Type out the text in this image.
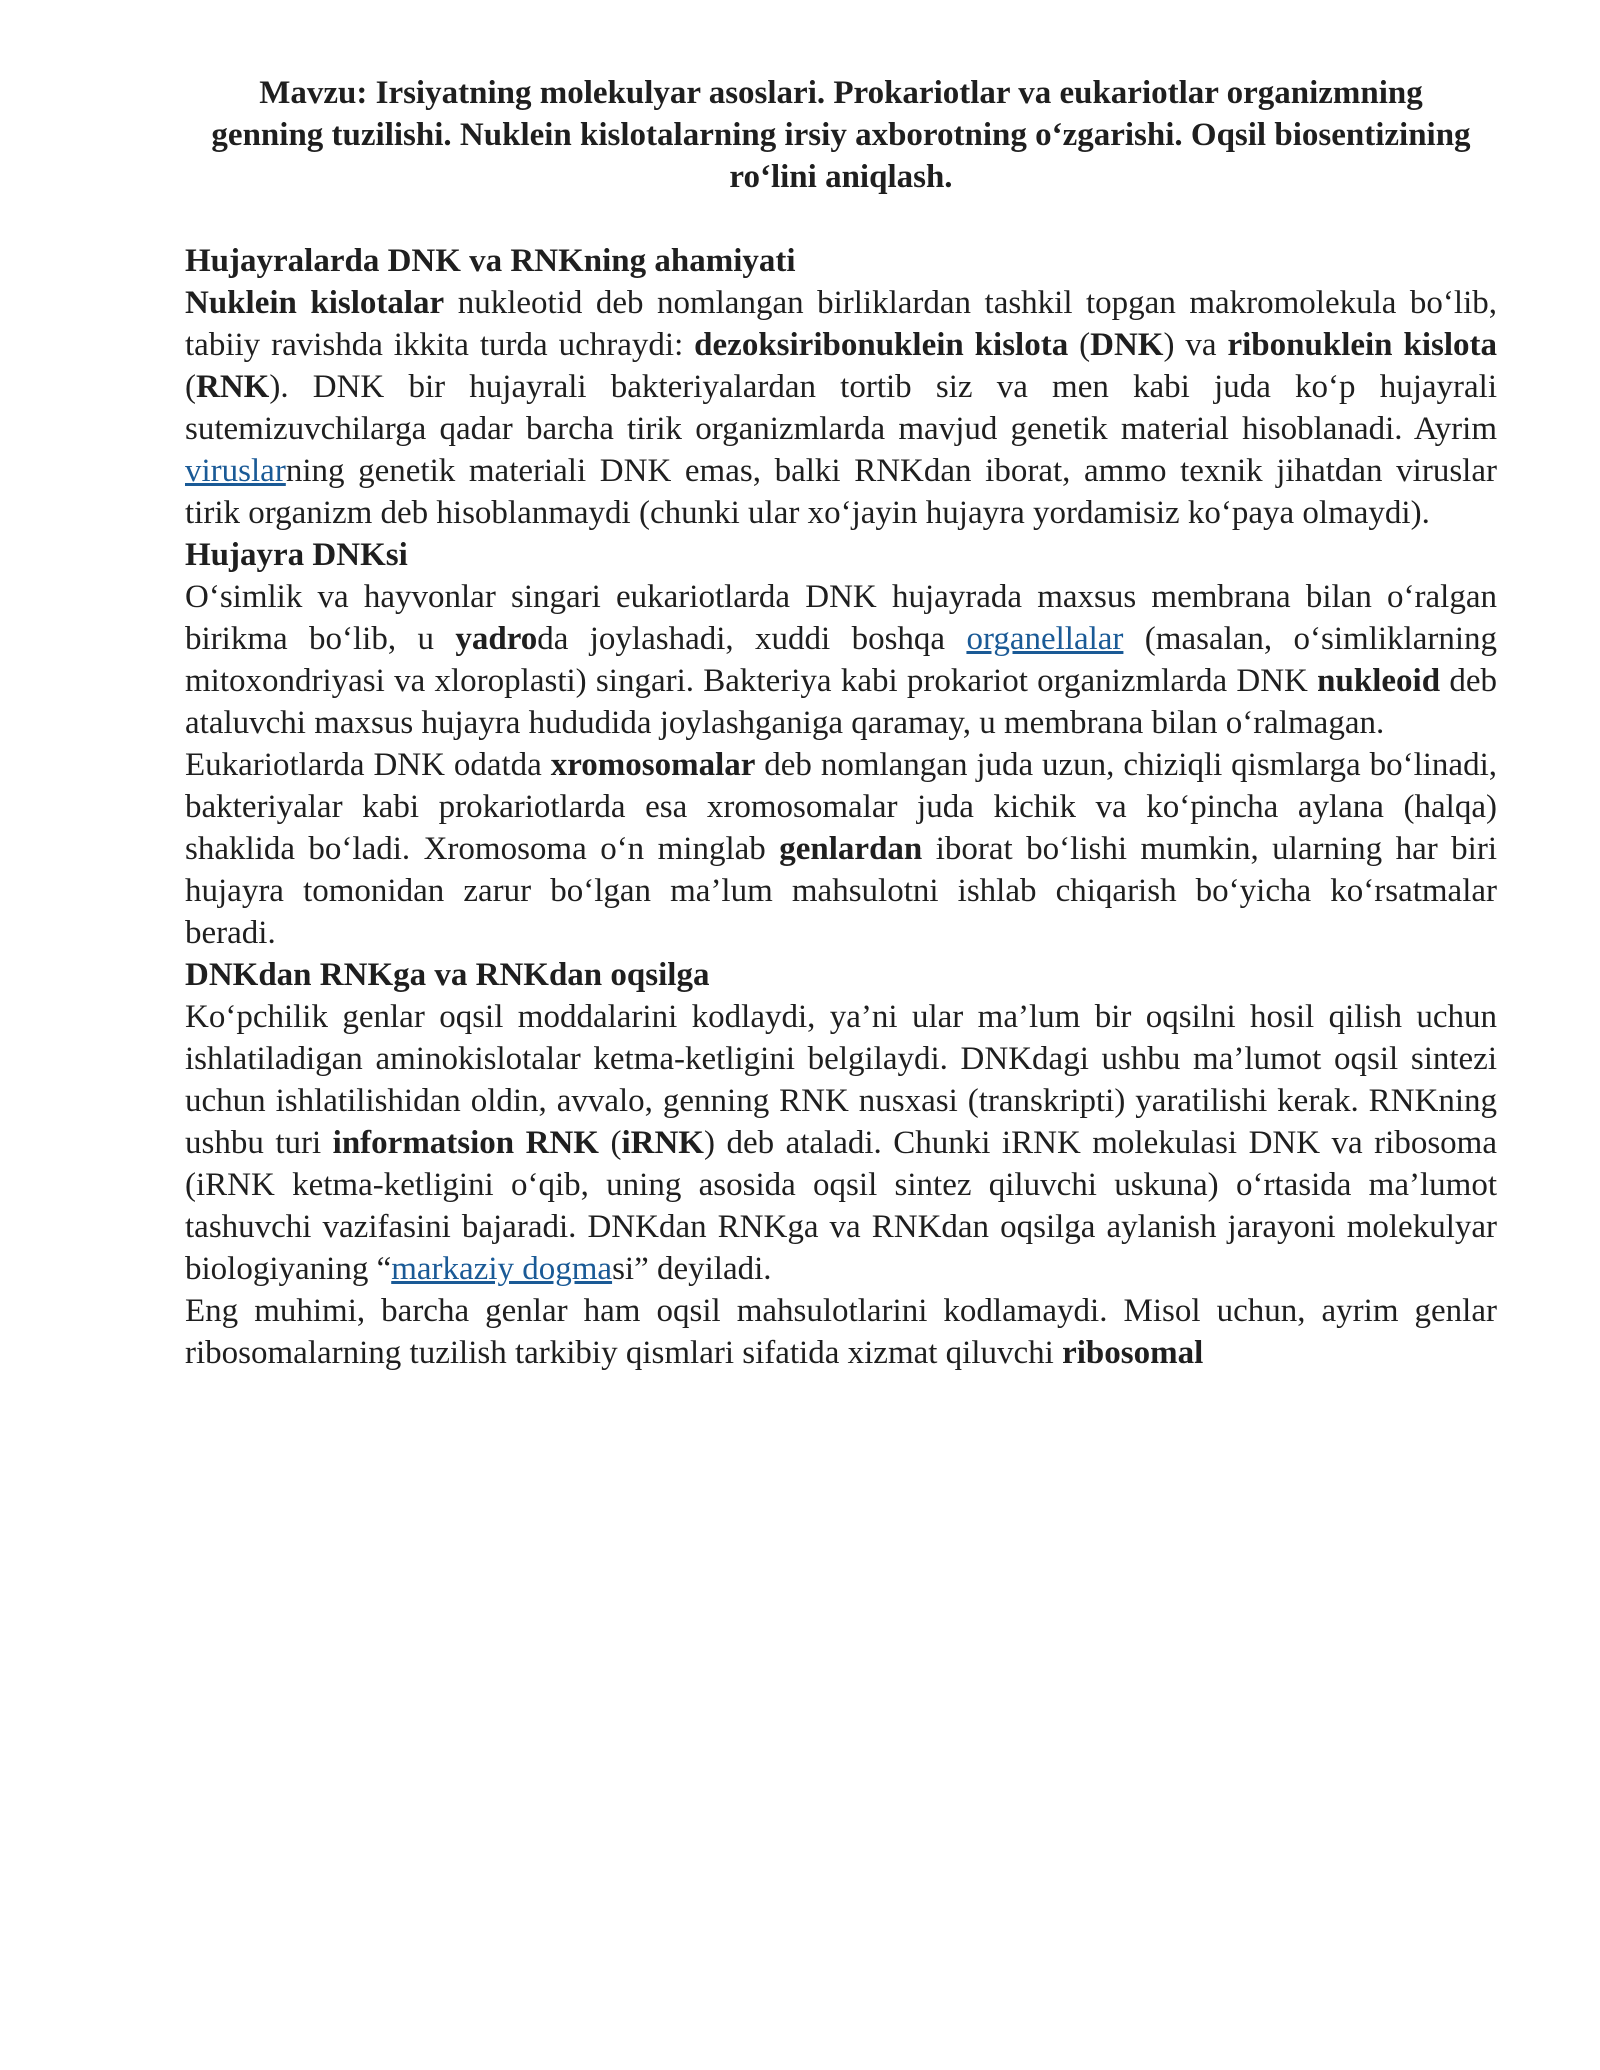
Mavzu: Irsiyatning molekulyar asoslari. Prokariotlar va eukariotlar organizmning genning tuzilishi. Nuklein kislotalarning irsiy axborotning o‘zgarishi. Oqsil biosentizining ro‘lini aniqlash.

Hujayralarda DNK va RNKning ahamiyati

Nuklein kislotalar nukleotid deb nomlangan birliklardan tashkil topgan makromolekula bo‘lib, tabiiy ravishda ikkita turda uchraydi: dezoksiribonuklein kislota (DNK) va ribonuklein kislota (RNK). DNK bir hujayrali bakteriyalardan tortib siz va men kabi juda ko‘p hujayrali sutemizuvchilarga qadar barcha tirik organizmlarda mavjud genetik material hisoblanadi. Ayrim viruslarning genetik materiali DNK emas, balki RNKdan iborat, ammo texnik jihatdan viruslar tirik organizm deb hisoblanmaydi (chunki ular xo‘jayin hujayra yordamisiz ko‘paya olmaydi).

Hujayra DNKsi

O‘simlik va hayvonlar singari eukariotlarda DNK hujayrada maxsus membrana bilan o‘ralgan birikma bo‘lib, u yadroda joylashadi, xuddi boshqa organellalar (masalan, o‘simliklarning mitoxondriyasi va xloroplasti) singari. Bakteriya kabi prokariot organizmlarda DNK nukleoid deb ataluvchi maxsus hujayra hududida joylashganiga qaramay, u membrana bilan o‘ralmagan.

Eukariotlarda DNK odatda xromosomalar deb nomlangan juda uzun, chiziqli qismlarga bo‘linadi, bakteriyalar kabi prokariotlarda esa xromosomalar juda kichik va ko‘pincha aylana (halqa) shaklida bo‘ladi. Xromosoma o‘n minglab genlardan iborat bo‘lishi mumkin, ularning har biri hujayra tomonidan zarur bo‘lgan ma’lum mahsulotni ishlab chiqarish bo‘yicha ko‘rsatmalar beradi.

DNKdan RNKga va RNKdan oqsilga

Ko‘pchilik genlar oqsil moddalarini kodlaydi, ya’ni ular ma’lum bir oqsilni hosil qilish uchun ishlatiladigan aminokislotalar ketma-ketligini belgilaydi. DNKdagi ushbu ma’lumot oqsil sintezi uchun ishlatilishidan oldin, avvalo, genning RNK nusxasi (transkripti) yaratilishi kerak. RNKning ushbu turi informatsion RNK (iRNK) deb ataladi. Chunki iRNK molekulasi DNK va ribosoma (iRNK ketma-ketligini o‘qib, uning asosida oqsil sintez qiluvchi uskuna) o‘rtasida ma’lumot tashuvchi vazifasini bajaradi. DNKdan RNKga va RNKdan oqsilga aylanish jarayoni molekulyar biologiyaning “markaziy dogmasi” deyiladi.

Eng muhimi, barcha genlar ham oqsil mahsulotlarini kodlamaydi. Misol uchun, ayrim genlar ribosomalarning tuzilish tarkibiy qismlari sifatida xizmat qiluvchi ribosomal
